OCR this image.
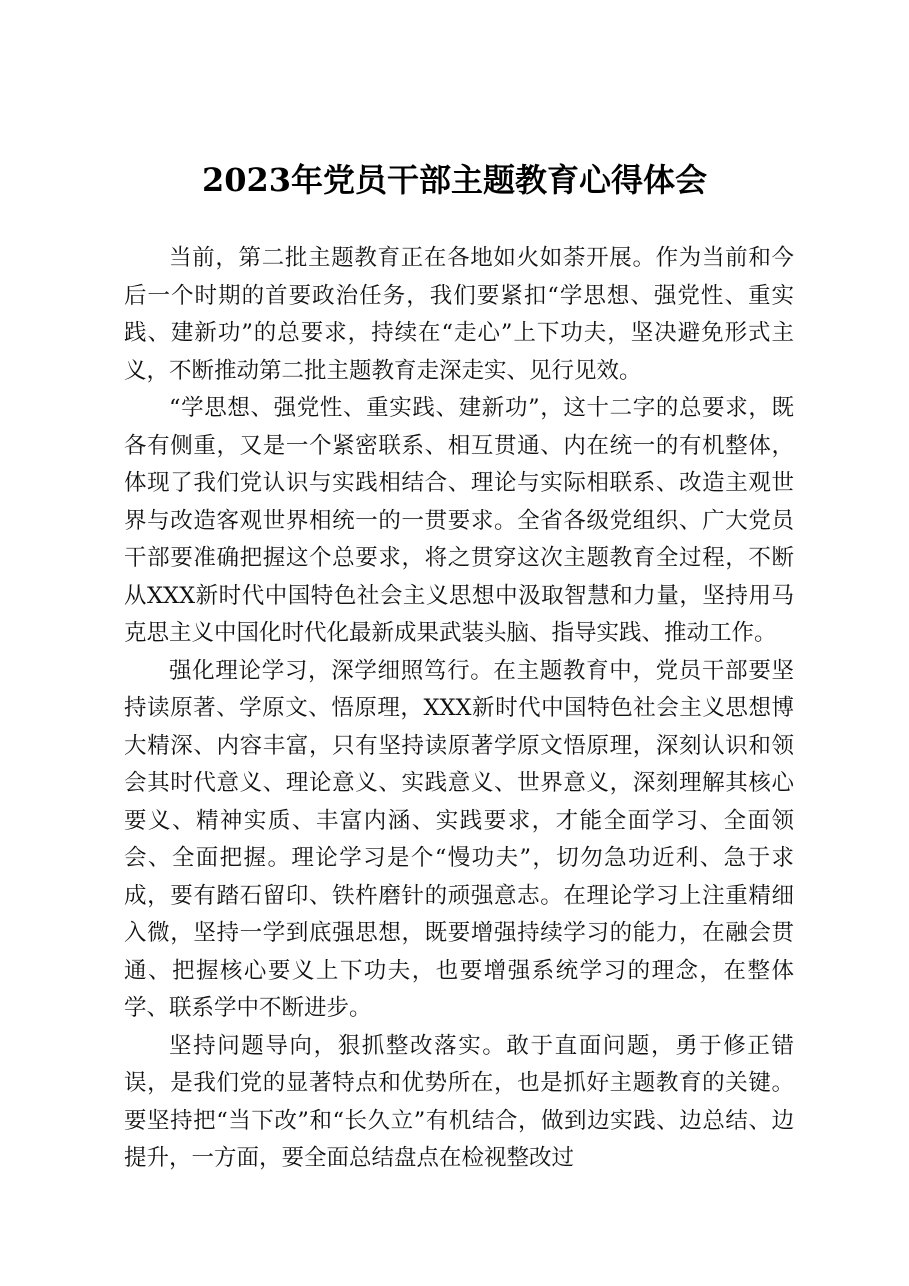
2023年党员干部主题教育心得体会

当前，第二批主题教育正在各地如火如荼开展。作为当前和今后一个时期的首要政治任务，我们要紧扣“学思想、强党性、重实践、建新功”的总要求，持续在“走心”上下功夫，坚决避免形式主义，不断推动第二批主题教育走深走实、见行见效。

“学思想、强党性、重实践、建新功”，这十二字的总要求，既各有侧重，又是一个紧密联系、相互贯通、内在统一的有机整体，体现了我们党认识与实践相结合、理论与实际相联系、改造主观世界与改造客观世界相统一的一贯要求。全省各级党组织、广大党员干部要准确把握这个总要求，将之贯穿这次主题教育全过程，不断从XXX新时代中国特色社会主义思想中汲取智慧和力量，坚持用马克思主义中国化时代化最新成果武装头脑、指导实践、推动工作。

强化理论学习，深学细照笃行。在主题教育中，党员干部要坚持读原著、学原文、悟原理，XXX新时代中国特色社会主义思想博大精深、内容丰富，只有坚持读原著学原文悟原理，深刻认识和领会其时代意义、理论意义、实践意义、世界意义，深刻理解其核心要义、精神实质、丰富内涵、实践要求，才能全面学习、全面领会、全面把握。理论学习是个“慢功夫”，切勿急功近利、急于求成，要有踏石留印、铁杵磨针的顽强意志。在理论学习上注重精细入微，坚持一学到底强思想，既要增强持续学习的能力，在融会贯通、把握核心要义上下功夫，也要增强系统学习的理念，在整体学、联系学中不断进步。

坚持问题导向，狠抓整改落实。敢于直面问题，勇于修正错误，是我们党的显著特点和优势所在，也是抓好主题教育的关键。要坚持把“当下改”和“长久立”有机结合，做到边实践、边总结、边提升，一方面，要全面总结盘点在检视整改过
